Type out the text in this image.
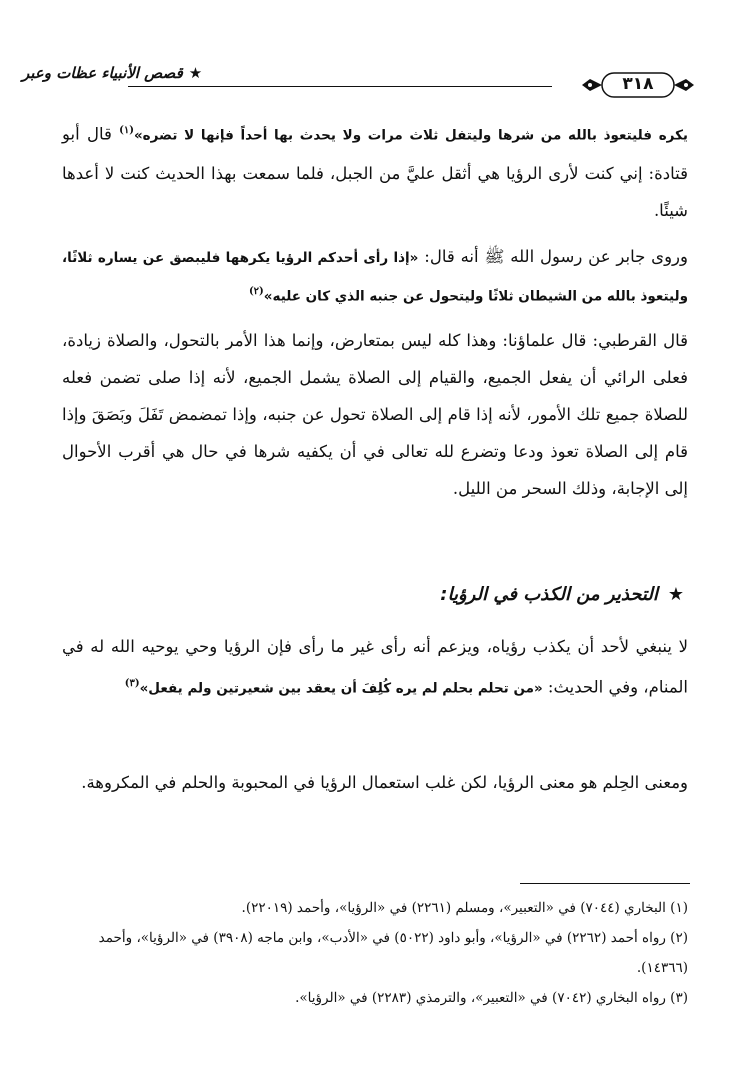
★قصص الأنبياء عظات وعبر
٣١٨
يكره فليتعوذ بالله من شرها وليتفل ثلاث مرات ولا يحدث بها أحداً فإنها لا تضره»$^{(١)}$ قال أبو قتادة: إني كنت لأرى الرؤيا هي أثقل عليَّ من الجبل، فلما سمعت بهذا الحديث كنت لا أعدها شيئًا.
وروى جابر عن رسول الله ﷺ أنه قال: «إذا رأى أحدكم الرؤيا يكرهها فليبصق عن يساره ثلاثًا، وليتعوذ بالله من الشيطان ثلاثًا وليتحول عن جنبه الذي كان عليه»$^{(٢)}$
قال القرطبي: قال علماؤنا: وهذا كله ليس بمتعارض، وإنما هذا الأمر بالتحول، والصلاة زيادة، فعلى الرائي أن يفعل الجميع، والقيام إلى الصلاة يشمل الجميع، لأنه إذا صلى تضمن فعله للصلاة جميع تلك الأمور، لأنه إذا قام إلى الصلاة تحول عن جنبه، وإذا تمضمض تَفَلَ وبَصَقَ وإذا قام إلى الصلاة تعوذ ودعا وتضرع لله تعالى في أن يكفيه شرها في حال هي أقرب الأحوال إلى الإجابة، وذلك السحر من الليل.
★التحذير من الكذب في الرؤيا:
لا ينبغي لأحد أن يكذب رؤياه، ويزعم أنه رأى غير ما رأى فإن الرؤيا وحي يوحيه الله له في المنام، وفي الحديث: «من تحلم بحلم لم يره كُلِفَ أن يعقد بين شعيرتين ولم يفعل»$^{(٣)}$
ومعنى الحِلم هو معنى الرؤيا، لكن غلب استعمال الرؤيا في المحبوبة والحلم في المكروهة.
(١) البخاري (٧٠٤٤) في «التعبير»، ومسلم (٢٢٦١) في «الرؤيا»، وأحمد (٢٢٠١٩).
(٢) رواه أحمد (٢٢٦٢) في «الرؤيا»، وأبو داود (٥٠٢٢) في «الأدب»، وابن ماجه (٣٩٠٨) في «الرؤيا»، وأحمد (١٤٣٦٦).
(٣) رواه البخاري (٧٠٤٢) في «التعبير»، والترمذي (٢٢٨٣) في «الرؤيا».
